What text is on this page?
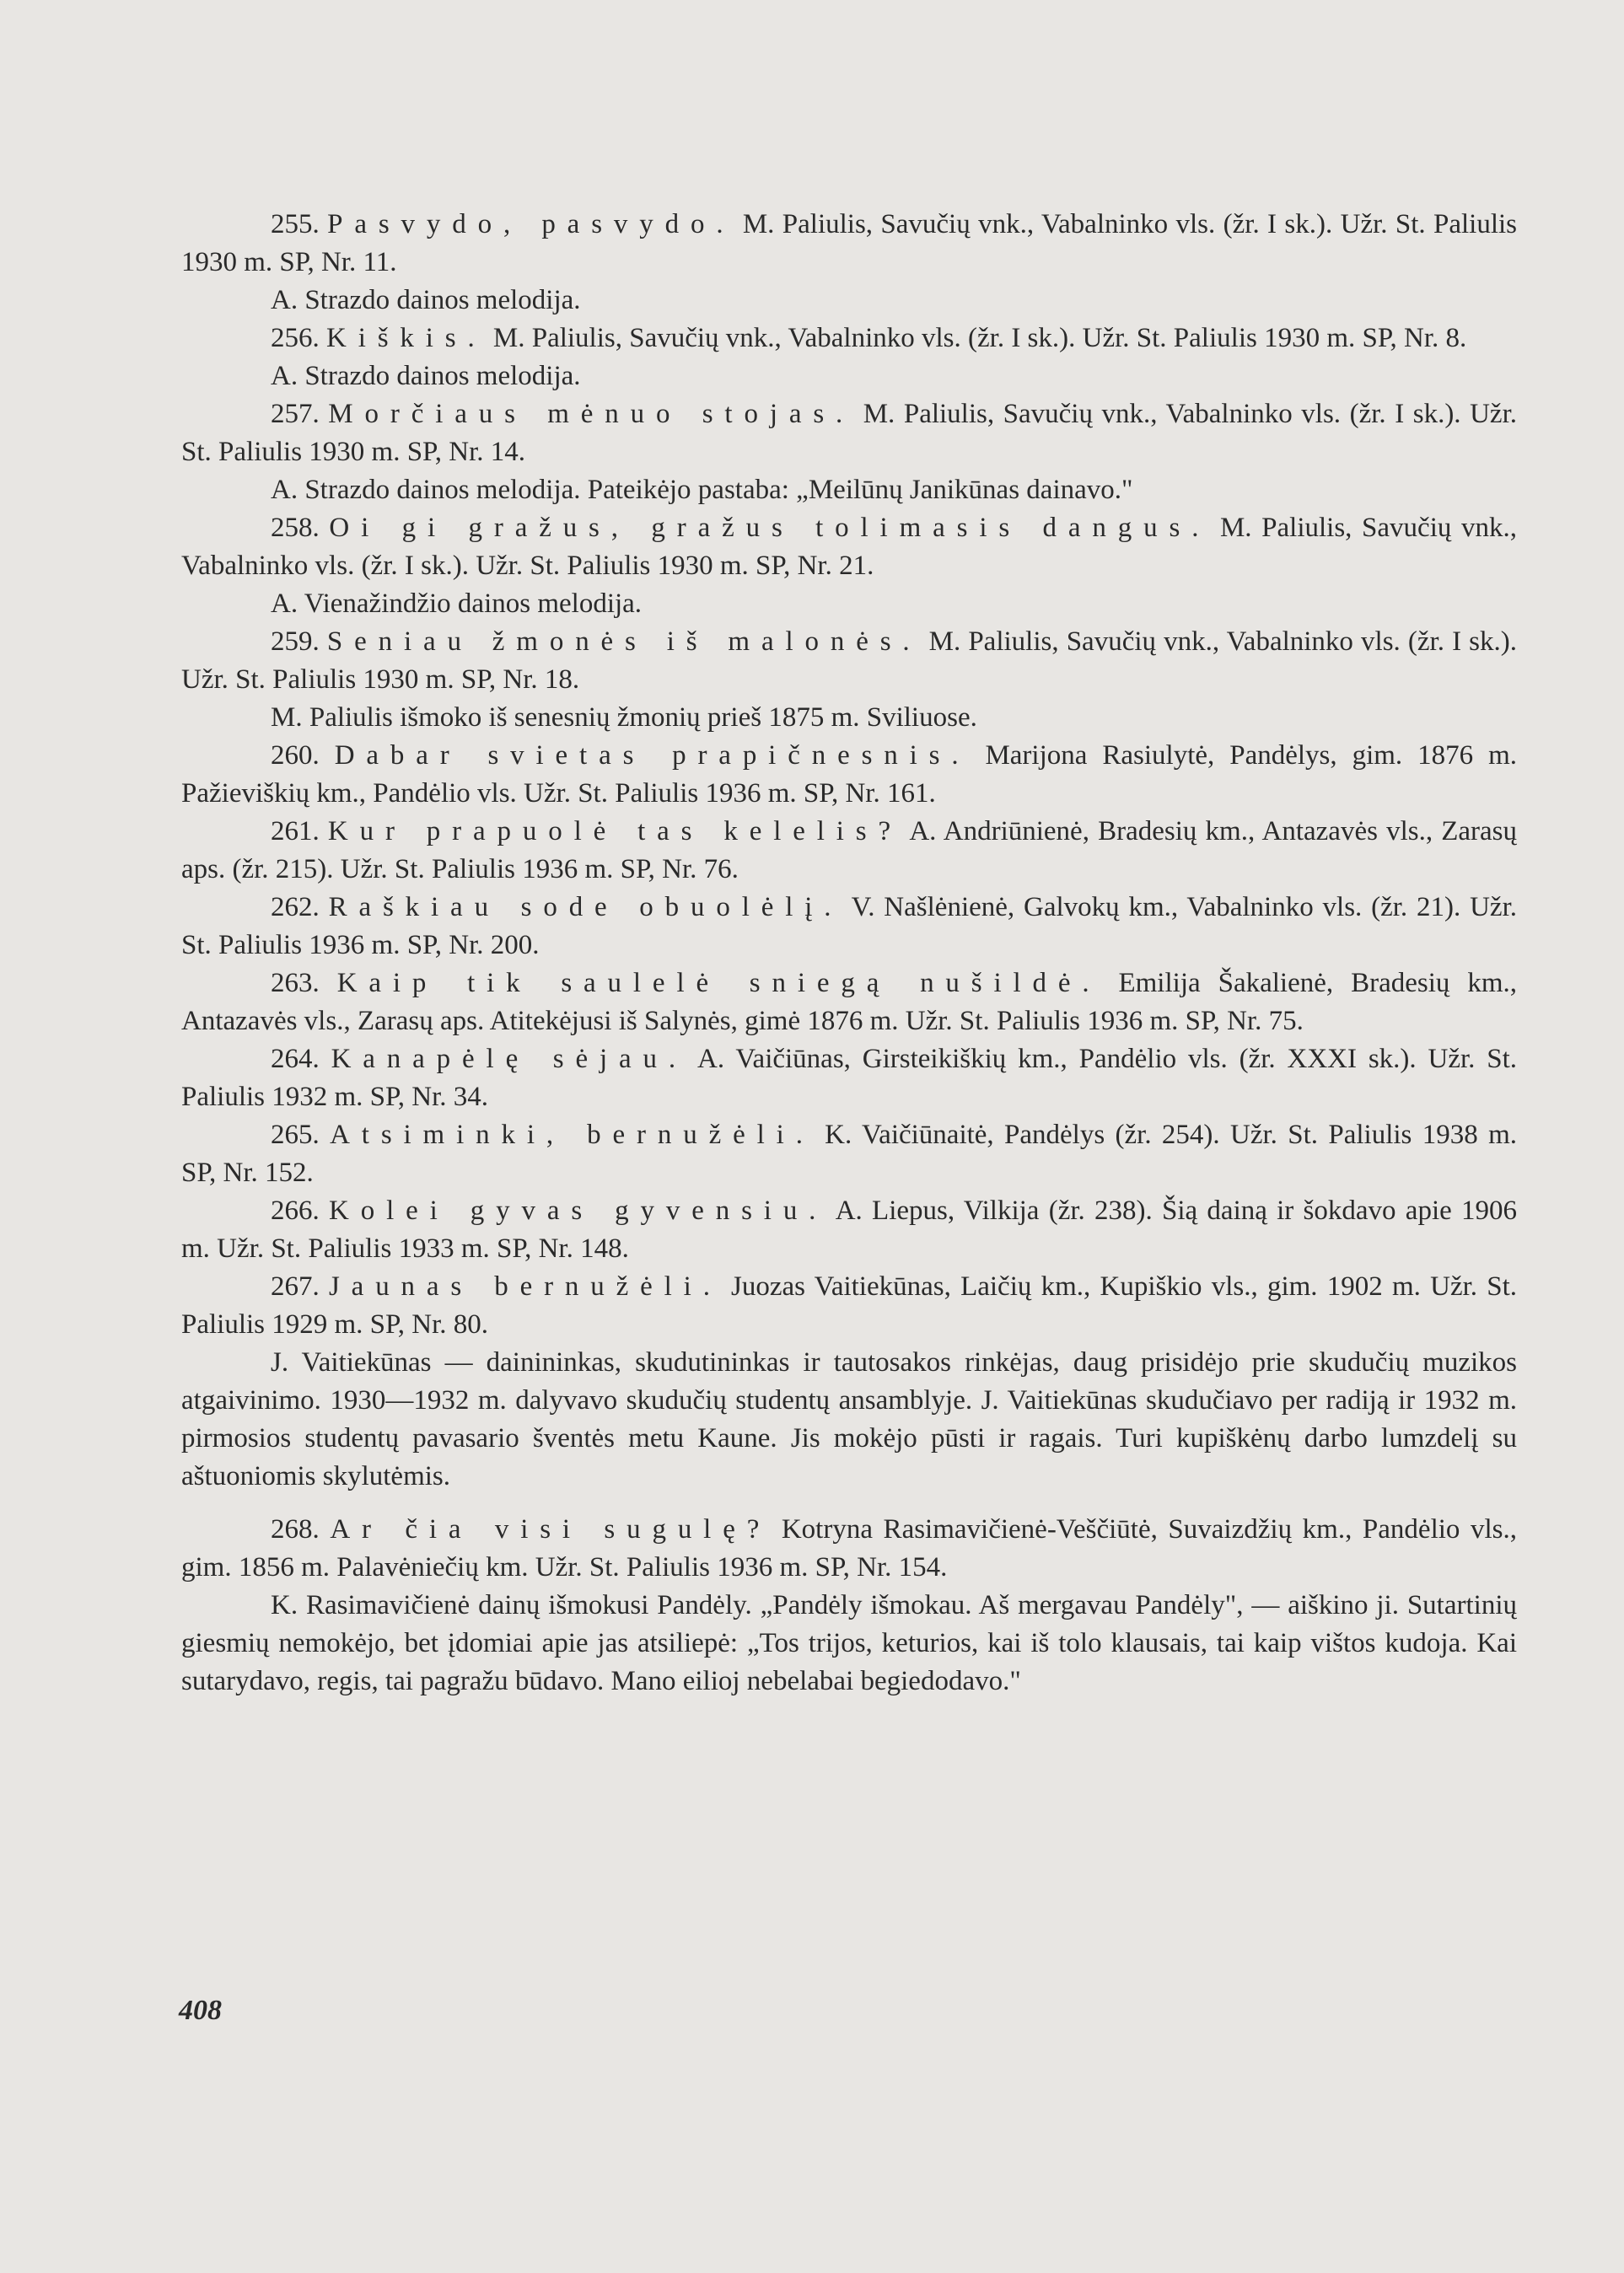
255. Pasvydo, pasvydo. M. Paliulis, Savučių vnk., Vabalninko vls. (žr. I sk.). Užr. St. Paliulis 1930 m. SP, Nr. 11.

A. Strazdo dainos melodija.

256. Kiškis. M. Paliulis, Savučių vnk., Vabalninko vls. (žr. I sk.). Užr. St. Paliulis 1930 m. SP, Nr. 8.

A. Strazdo dainos melodija.

257. Morčiaus mėnuo stojas. M. Paliulis, Savučių vnk., Vabalninko vls. (žr. I sk.). Užr. St. Paliulis 1930 m. SP, Nr. 14.

A. Strazdo dainos melodija. Pateikėjo pastaba: „Meilūnų Janikūnas dainavo."

258. Oi gi gražus, gražus tolimasis dangus. M. Paliulis, Savučių vnk., Vabalninko vls. (žr. I sk.). Užr. St. Paliulis 1930 m. SP, Nr. 21.

A. Vienažindžio dainos melodija.

259. Seniau žmonės iš malonės. M. Paliulis, Savučių vnk., Vabalninko vls. (žr. I sk.). Užr. St. Paliulis 1930 m. SP, Nr. 18.

M. Paliulis išmoko iš senesnių žmonių prieš 1875 m. Sviliuose.

260. Dabar svietas prapičnesnis. Marijona Rasiulytė, Pandėlys, gim. 1876 m. Pažieviškių km., Pandėlio vls. Užr. St. Paliulis 1936 m. SP, Nr. 161.

261. Kur prapuolė tas kelelis? A. Andriūnienė, Bradesių km., Antazavės vls., Zarasų aps. (žr. 215). Užr. St. Paliulis 1936 m. SP, Nr. 76.

262. Raškiau sode obuolėlį. V. Našlėnienė, Galvokų km., Vabalninko vls. (žr. 21). Užr. St. Paliulis 1936 m. SP, Nr. 200.

263. Kaip tik saulelė sniegą nušildė. Emilija Šakalienė, Bradesių km., Antazavės vls., Zarasų aps. Atitekėjusi iš Salynės, gimė 1876 m. Užr. St. Paliulis 1936 m. SP, Nr. 75.

264. Kanapėlę sėjau. A. Vaičiūnas, Girsteikiškių km., Pandėlio vls. (žr. XXXI sk.). Užr. St. Paliulis 1932 m. SP, Nr. 34.

265. Atsiminki, bernužėli. K. Vaičiūnaitė, Pandėlys (žr. 254). Užr. St. Paliulis 1938 m. SP, Nr. 152.

266. Kolei gyvas gyvensiu. A. Liepus, Vilkija (žr. 238). Šią dainą ir šokdavo apie 1906 m. Užr. St. Paliulis 1933 m. SP, Nr. 148.

267. Jaunas bernužėli. Juozas Vaitiekūnas, Laičių km., Kupiškio vls., gim. 1902 m. Užr. St. Paliulis 1929 m. SP, Nr. 80.

J. Vaitiekūnas — dainininkas, skudutininkas ir tautosakos rinkėjas, daug prisidėjo prie skudučių muzikos atgaivinimo. 1930—1932 m. dalyvavo skudučių studentų ansamblyje. J. Vaitiekūnas skudučiavo per radiją ir 1932 m. pirmosios studentų pavasario šventės metu Kaune. Jis mokėjo pūsti ir ragais. Turi kupiškėnų darbo lumzdelį su aštuoniomis skylutėmis.

268. Ar čia visi sugulę? Kotryna Rasimavičienė-Veščiūtė, Suvaizdžių km., Pandėlio vls., gim. 1856 m. Palavėniečių km. Užr. St. Paliulis 1936 m. SP, Nr. 154.

K. Rasimavičienė dainų išmokusi Pandėly. „Pandėly išmokau. Aš mergavau Pandėly", — aiškino ji. Sutartinių giesmių nemokėjo, bet įdomiai apie jas atsiliepė: „Tos trijos, keturios, kai iš tolo klausais, tai kaip vištos kudoja. Kai sutarydavo, regis, tai pagražu būdavo. Mano eilioj nebelabai begiedodavo."

408
